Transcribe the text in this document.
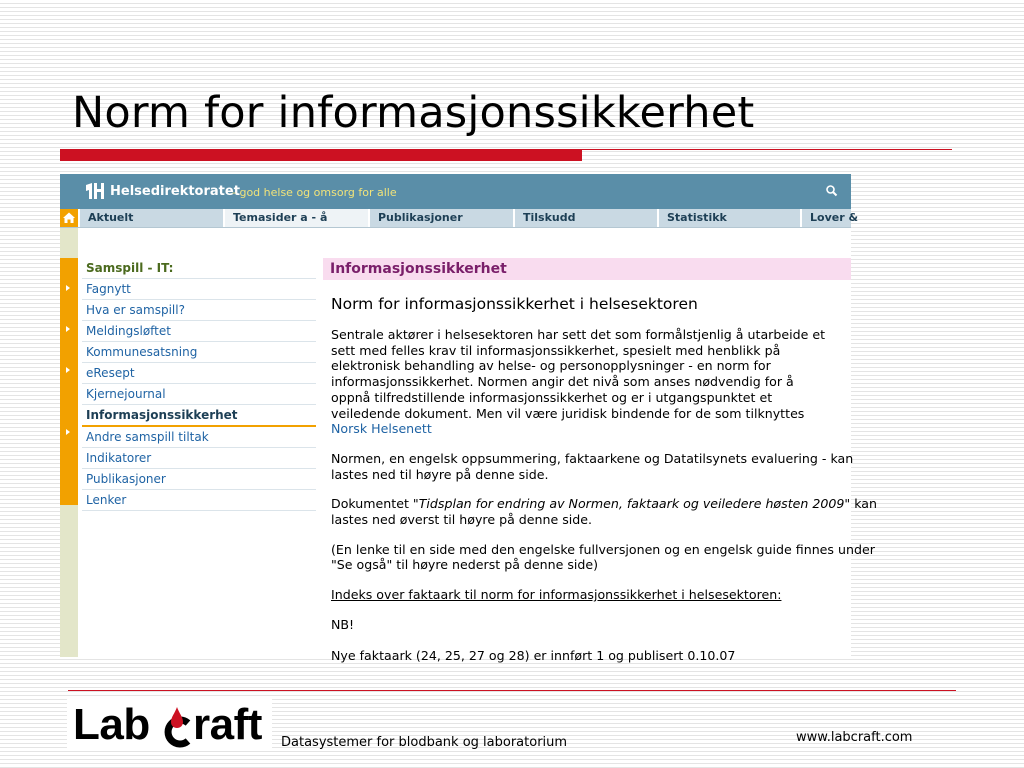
Norm for informasjonssikkerhet
Helsedirektoratet
- god helse og omsorg for alle
Aktuelt	Temasider a - å	Publikasjoner	Tilskudd	Statistikk	Lover &
Samspill - IT:
Fagnytt
Hva er samspill?
Meldingsløftet
Kommunesatsning
eResept
Kjernejournal
Informasjonssikkerhet
Andre samspill tiltak
Indikatorer
Publikasjoner
Lenker
Informasjonssikkerhet
Norm for informasjonssikkerhet i helsesektoren
Sentrale aktører i helsesektoren har sett det som formålstjenlig å utarbeide et
sett med felles krav til informasjonssikkerhet, spesielt med henblikk på
elektronisk behandling av helse- og personopplysninger - en norm for
informasjonssikkerhet. Normen angir det nivå som anses nødvendig for å
oppnå tilfredstillende informasjonssikkerhet og er i utgangspunktet et
veiledende dokument. Men vil være juridisk bindende for de som tilknyttes
Norsk Helsenett
Normen, en engelsk oppsummering, faktaarkene og Datatilsynets evaluering - kan
lastes ned til høyre på denne side.
Dokumentet "Tidsplan for endring av Normen, faktaark og veiledere høsten 2009" kan
lastes ned øverst til høyre på denne side.
(En lenke til en side med den engelske fullversjonen og en engelsk guide finnes under
"Se også" til høyre nederst på denne side)
Indeks over faktaark til norm for informasjonssikkerhet i helsesektoren:
NB!
Nye faktaark (24, 25, 27 og 28) er innført 1 og publisert 0.10.07
Lab raft Datasystemer for blodbank og laboratorium	www.labcraft.com
